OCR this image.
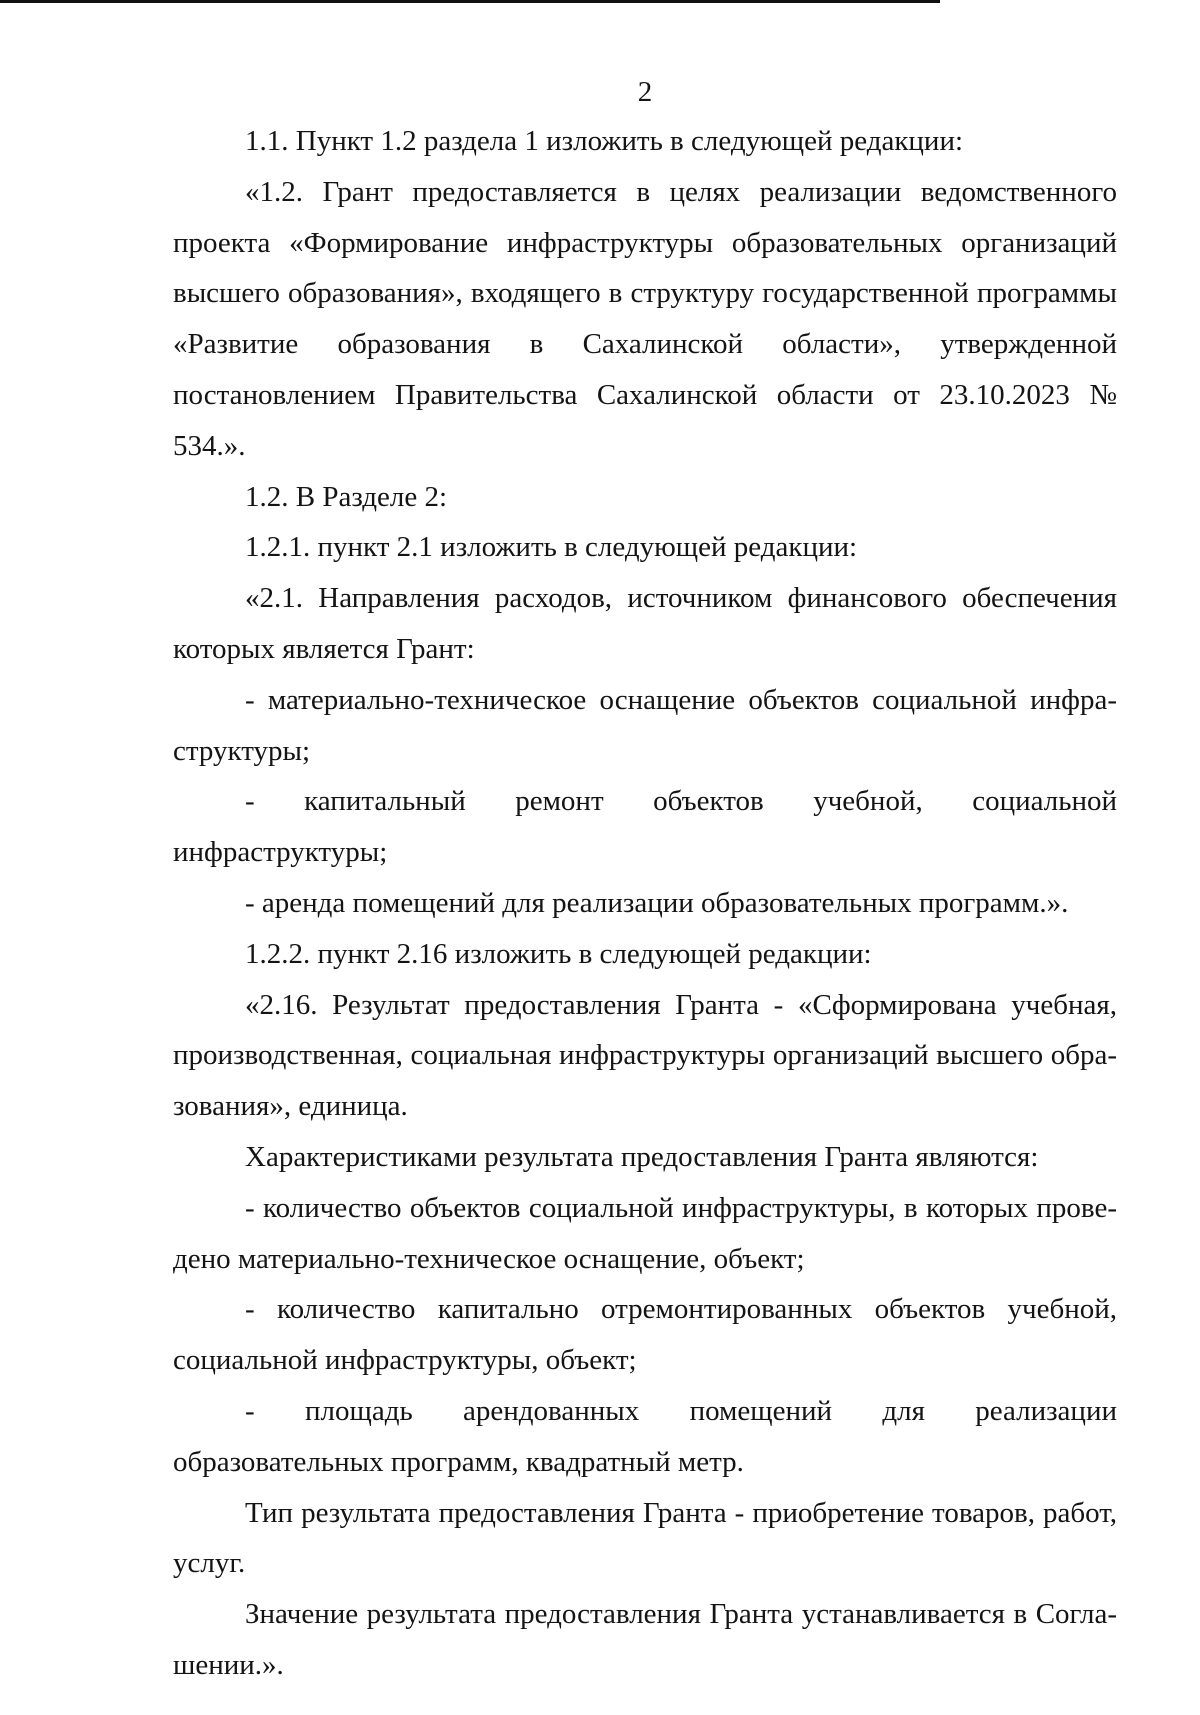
2

1.1. Пункт 1.2 раздела 1 изложить в следующей редакции:

«1.2. Грант предоставляется в целях реализации ведомственного проекта «Формирование инфраструктуры образовательных организаций высшего образования», входящего в структуру государственной программы «Развитие образования в Сахалинской области», утвержденной постановлением Правительства Сахалинской области от 23.10.2023 № 534.».

1.2. В Разделе 2:

1.2.1. пункт 2.1 изложить в следующей редакции:

«2.1. Направления расходов, источником финансового обеспечения которых является Грант:

- материально-техническое оснащение объектов социальной инфраструктуры;

- капитальный ремонт объектов учебной, социальной инфраструктуры;

- аренда помещений для реализации образовательных программ.».

1.2.2. пункт 2.16 изложить в следующей редакции:

«2.16. Результат предоставления Гранта - «Сформирована учебная, производственная, социальная инфраструктуры организаций высшего образования», единица.

Характеристиками результата предоставления Гранта являются:

- количество объектов социальной инфраструктуры, в которых проведено материально-техническое оснащение, объект;

- количество капитально отремонтированных объектов учебной, социальной инфраструктуры, объект;

- площадь арендованных помещений для реализации образовательных программ, квадратный метр.

Тип результата предоставления Гранта - приобретение товаров, работ, услуг.

Значение результата предоставления Гранта устанавливается в Соглашении.».
